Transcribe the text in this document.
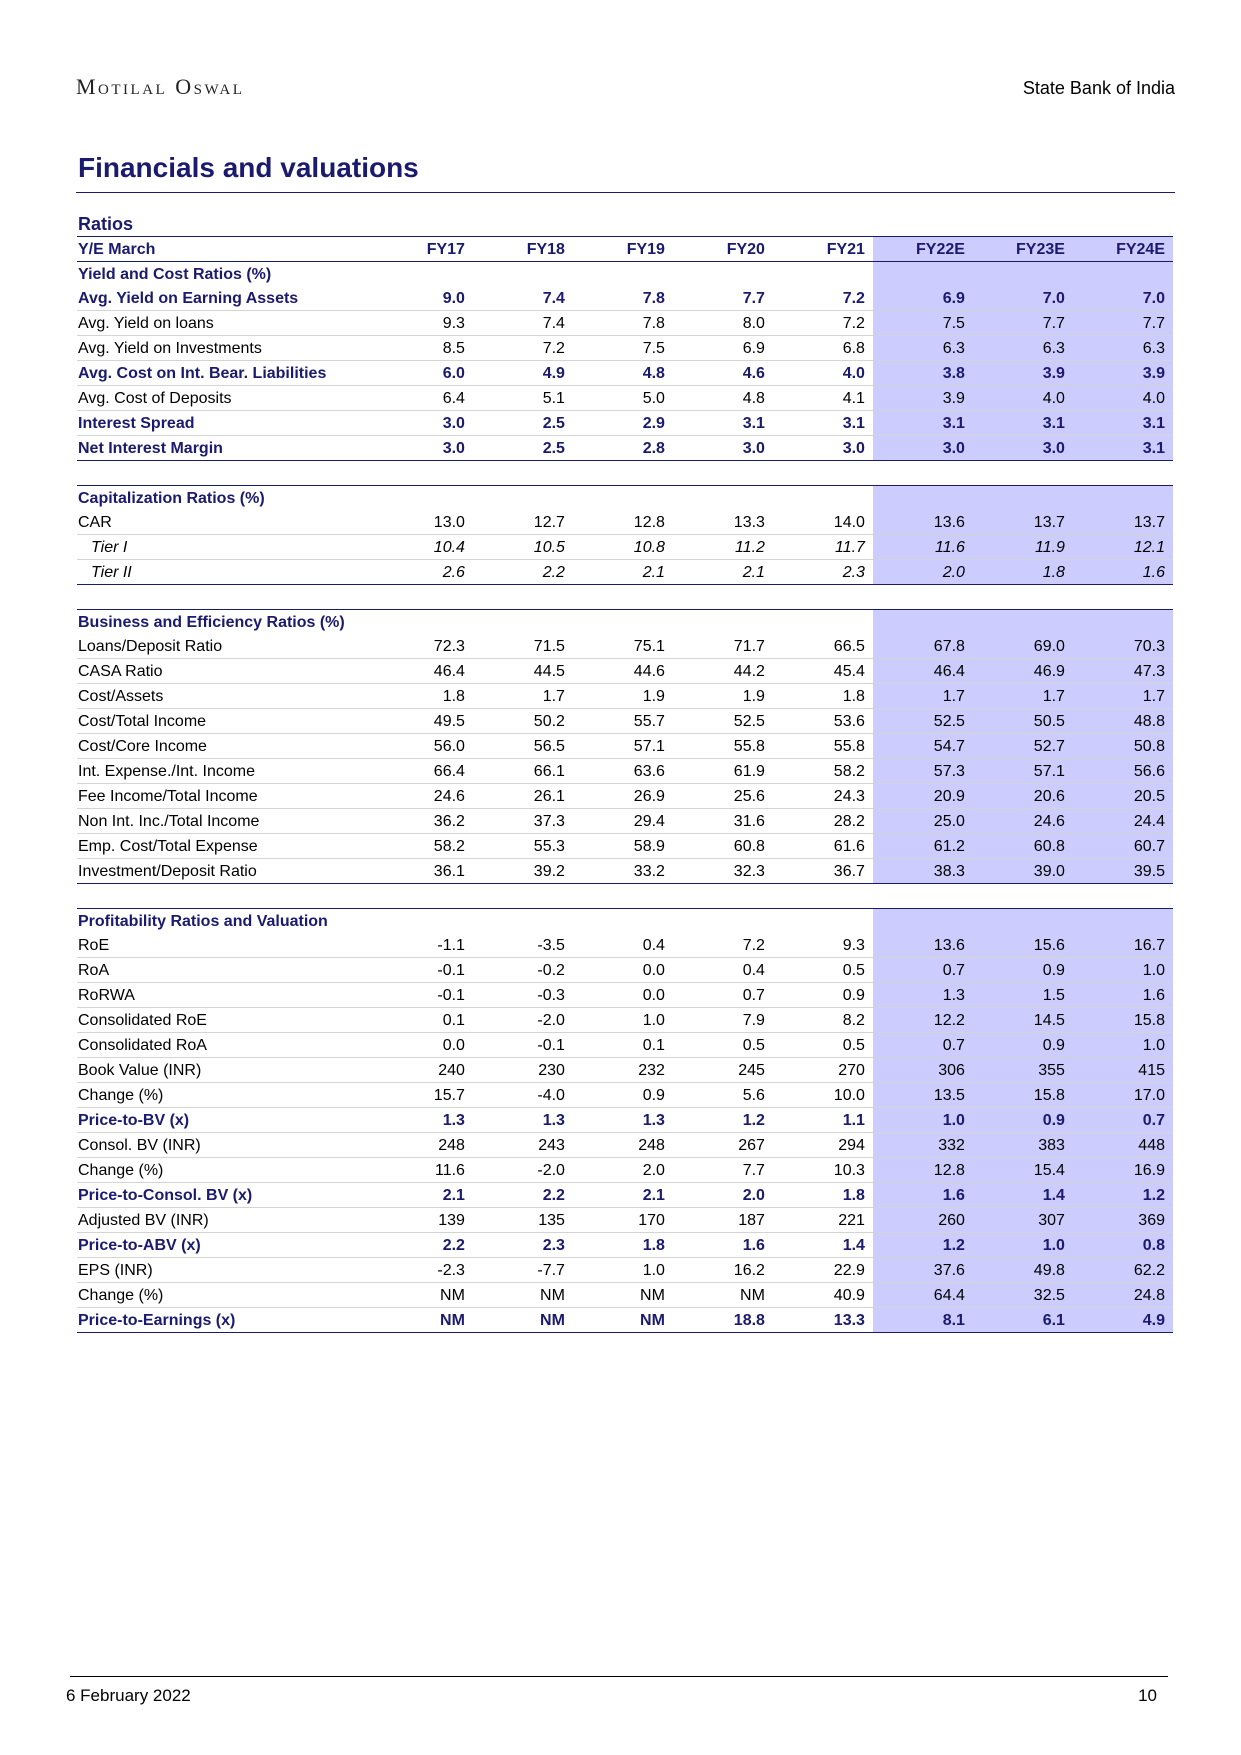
Motilal Oswal	State Bank of India
Financials and valuations
Ratios
Y/E March	FY17	FY18	FY19	FY20	FY21	FY22E	FY23E	FY24E
Yield and Cost Ratios (%)								
Avg. Yield on Earning Assets	9.0	7.4	7.8	7.7	7.2	6.9	7.0	7.0
Avg. Yield on loans	9.3	7.4	7.8	8.0	7.2	7.5	7.7	7.7
Avg. Yield on Investments	8.5	7.2	7.5	6.9	6.8	6.3	6.3	6.3
Avg. Cost on Int. Bear. Liabilities	6.0	4.9	4.8	4.6	4.0	3.8	3.9	3.9
Avg. Cost of Deposits	6.4	5.1	5.0	4.8	4.1	3.9	4.0	4.0
Interest Spread	3.0	2.5	2.9	3.1	3.1	3.1	3.1	3.1
Net Interest Margin	3.0	2.5	2.8	3.0	3.0	3.0	3.0	3.1

Capitalization Ratios (%)								
CAR	13.0	12.7	12.8	13.3	14.0	13.6	13.7	13.7
Tier I	10.4	10.5	10.8	11.2	11.7	11.6	11.9	12.1
Tier II	2.6	2.2	2.1	2.1	2.3	2.0	1.8	1.6

Business and Efficiency Ratios (%)								
Loans/Deposit Ratio	72.3	71.5	75.1	71.7	66.5	67.8	69.0	70.3
CASA Ratio	46.4	44.5	44.6	44.2	45.4	46.4	46.9	47.3
Cost/Assets	1.8	1.7	1.9	1.9	1.8	1.7	1.7	1.7
Cost/Total Income	49.5	50.2	55.7	52.5	53.6	52.5	50.5	48.8
Cost/Core Income	56.0	56.5	57.1	55.8	55.8	54.7	52.7	50.8
Int. Expense./Int. Income	66.4	66.1	63.6	61.9	58.2	57.3	57.1	56.6
Fee Income/Total Income	24.6	26.1	26.9	25.6	24.3	20.9	20.6	20.5
Non Int. Inc./Total Income	36.2	37.3	29.4	31.6	28.2	25.0	24.6	24.4
Emp. Cost/Total Expense	58.2	55.3	58.9	60.8	61.6	61.2	60.8	60.7
Investment/Deposit Ratio	36.1	39.2	33.2	32.3	36.7	38.3	39.0	39.5

Profitability Ratios and Valuation								
RoE	-1.1	-3.5	0.4	7.2	9.3	13.6	15.6	16.7
RoA	-0.1	-0.2	0.0	0.4	0.5	0.7	0.9	1.0
RoRWA	-0.1	-0.3	0.0	0.7	0.9	1.3	1.5	1.6
Consolidated RoE	0.1	-2.0	1.0	7.9	8.2	12.2	14.5	15.8
Consolidated RoA	0.0	-0.1	0.1	0.5	0.5	0.7	0.9	1.0
Book Value (INR)	240	230	232	245	270	306	355	415
Change (%)	15.7	-4.0	0.9	5.6	10.0	13.5	15.8	17.0
Price-to-BV (x)	1.3	1.3	1.3	1.2	1.1	1.0	0.9	0.7
Consol. BV (INR)	248	243	248	267	294	332	383	448
Change (%)	11.6	-2.0	2.0	7.7	10.3	12.8	15.4	16.9
Price-to-Consol. BV (x)	2.1	2.2	2.1	2.0	1.8	1.6	1.4	1.2
Adjusted BV (INR)	139	135	170	187	221	260	307	369
Price-to-ABV (x)	2.2	2.3	1.8	1.6	1.4	1.2	1.0	0.8
EPS (INR)	-2.3	-7.7	1.0	16.2	22.9	37.6	49.8	62.2
Change (%)	NM	NM	NM	NM	40.9	64.4	32.5	24.8
Price-to-Earnings (x)	NM	NM	NM	18.8	13.3	8.1	6.1	4.9
6 February 2022	10
